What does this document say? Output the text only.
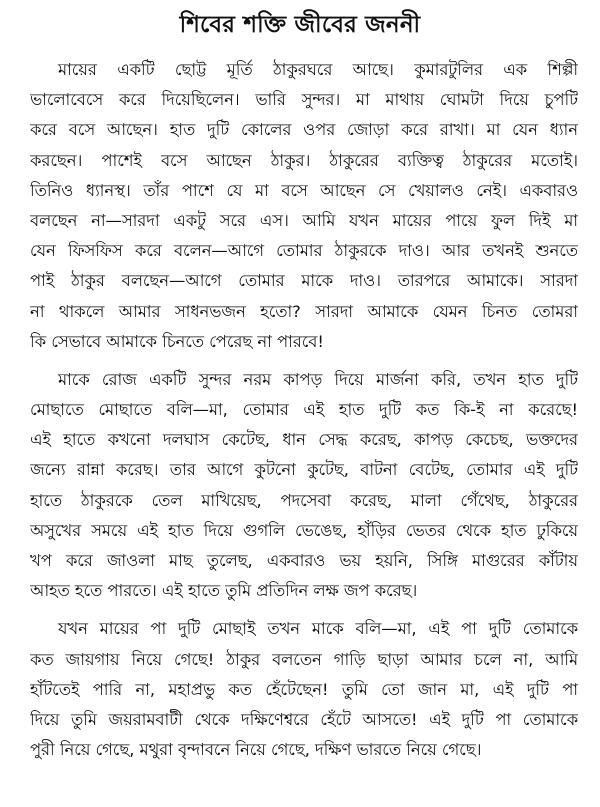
শিবের শক্তি জীবের জননী
মায়ের একটি ছোট্ট মূর্তি ঠাকুরঘরে আছে। কুমারটুলির এক শিল্পী
ভালোবেসে করে দিয়েছিলেন। ভারি সুন্দর। মা মাথায় ঘোমটা দিয়ে চুপটি
করে বসে আছেন। হাত দুটি কোলের ওপর জোড়া করে রাখা। মা যেন ধ্যান
করছেন। পাশেই বসে আছেন ঠাকুর। ঠাকুরের ব্যক্তিত্ব ঠাকুরের মতোই।
তিনিও ধ্যানস্থ। তাঁর পাশে যে মা বসে আছেন সে খেয়ালও নেই। একবারও
বলছেন না—সারদা একটু সরে এস। আমি যখন মায়ের পায়ে ফুল দিই মা
যেন ফিসফিস করে বলেন—আগে তোমার ঠাকুরকে দাও। আর তখনই শুনতে
পাই ঠাকুর বলছেন—আগে তোমার মাকে দাও। তারপরে আমাকে। সারদা
না থাকলে আমার সাধনভজন হতো? সারদা আমাকে যেমন চিনত তোমরা
কি সেভাবে আমাকে চিনতে পেরেছ না পারবে!
মাকে রোজ একটি সুন্দর নরম কাপড় দিয়ে মার্জনা করি, তখন হাত দুটি
মোছাতে মোছাতে বলি—মা, তোমার এই হাত দুটি কত কি-ই না করেছে!
এই হাতে কখনো দলঘাস কেটেছ, ধান সেদ্ধ করেছ, কাপড় কেচেছ, ভক্তদের
জন্যে রান্না করেছ। তার আগে কুটনো কুটেছ, বাটনা বেটেছ, তোমার এই দুটি
হাতে ঠাকুরকে তেল মাখিয়েছ, পদসেবা করেছ, মালা গেঁথেছ, ঠাকুরের
অসুখের সময়ে এই হাত দিয়ে গুগলি ভেঙেছ, হাঁড়ির ভেতর থেকে হাত ঢুকিয়ে
খপ করে জাওলা মাছ তুলেছ, একবারও ভয় হয়নি, সিঙ্গি মাগুরের কাঁটায়
আহত হতে পারতে। এই হাতে তুমি প্রতিদিন লক্ষ জপ করেছ।
যখন মায়ের পা দুটি মোছাই তখন মাকে বলি—মা, এই পা দুটি তোমাকে
কত জায়গায় নিয়ে গেছে! ঠাকুর বলতেন গাড়ি ছাড়া আমার চলে না, আমি
হাঁটতেই পারি না, মহাপ্রভু কত হেঁটেছেন! তুমি তো জান মা, এই দুটি পা
দিয়ে তুমি জয়রামবাটী থেকে দক্ষিণেশ্বরে হেঁটে আসতে! এই দুটি পা তোমাকে
পুরী নিয়ে গেছে, মথুরা বৃন্দাবনে নিয়ে গেছে, দক্ষিণ ভারতে নিয়ে গেছে।
